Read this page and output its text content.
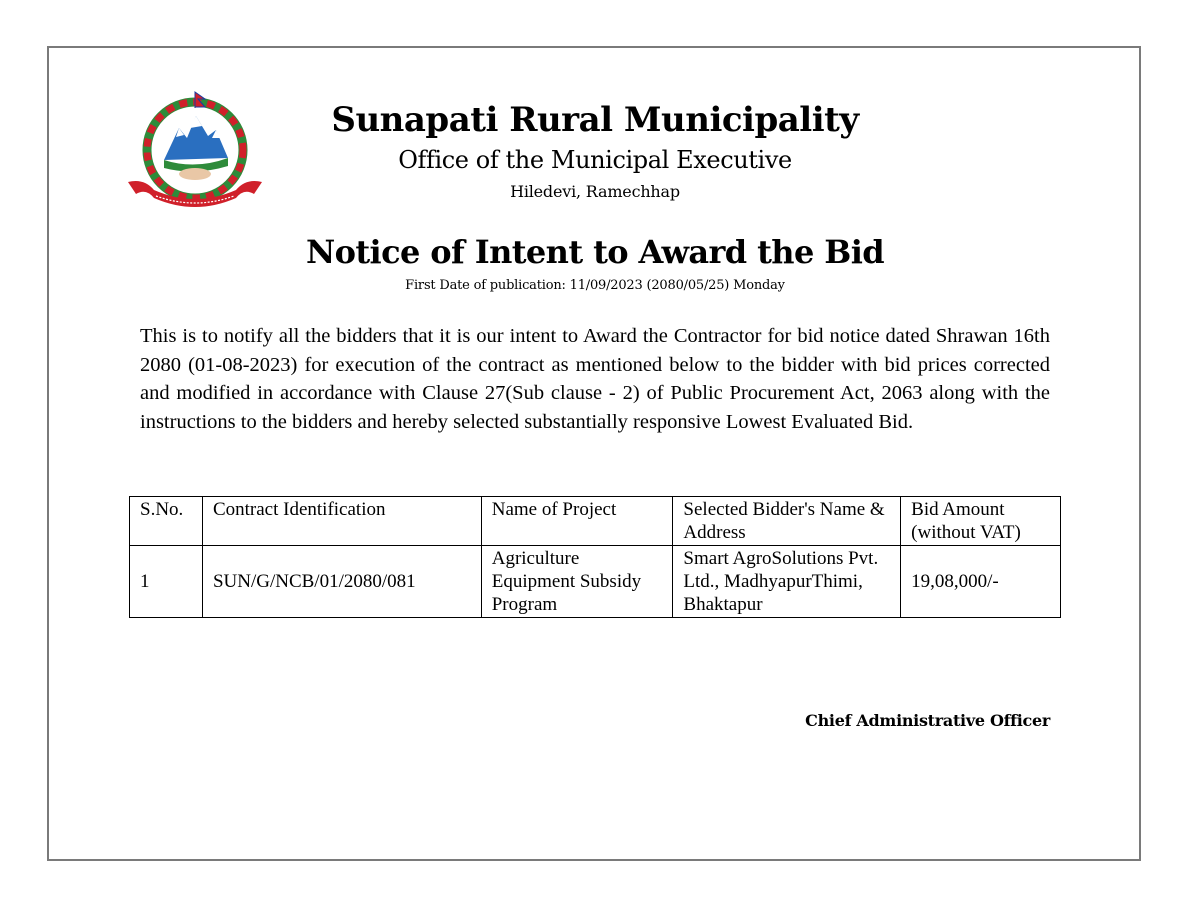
Sunapati Rural Municipality
Office of the Municipal Executive
Hiledevi, Ramechhap
Notice of Intent to Award the Bid
First Date of publication: 11/09/2023 (2080/05/25) Monday
This is to notify all the bidders that it is our intent to Award the Contractor for bid notice dated Shrawan 16th 2080 (01-08-2023) for execution of the contract as mentioned below to the bidder with bid prices corrected and modified in accordance with Clause 27(Sub clause - 2) of Public Procurement Act, 2063 along with the instructions to the bidders and hereby selected substantially responsive Lowest Evaluated Bid.
S.No.	Contract Identification	Name of Project	Selected Bidder's Name & Address	Bid Amount (without VAT)
1	SUN/G/NCB/01/2080/081	Agriculture Equipment Subsidy Program	Smart AgroSolutions Pvt. Ltd., MadhyapurThimi, Bhaktapur	19,08,000/-
Chief Administrative Officer
